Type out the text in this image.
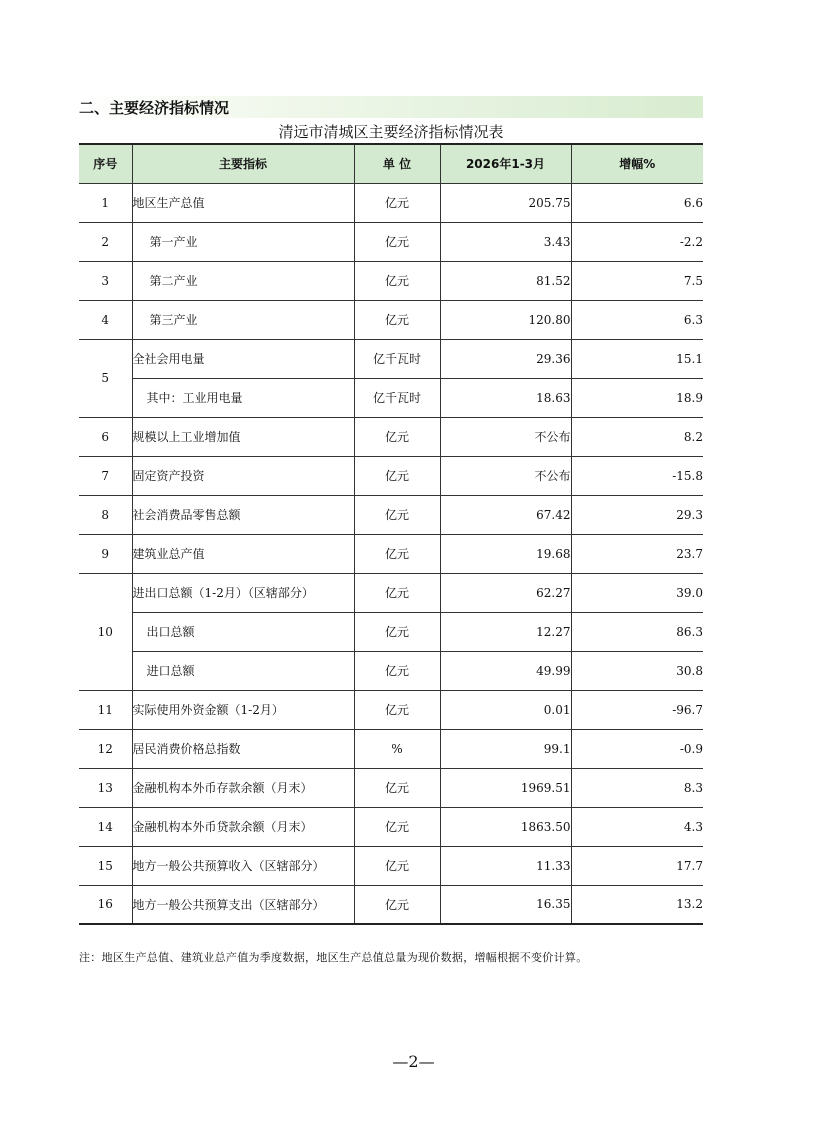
二、主要经济指标情况
清远市清城区主要经济指标情况表
序号	主要指标	单 位	2026年1-3月	增幅%
1	地区生产总值	亿元	205.75	6.6
2	第一产业	亿元	3.43	-2.2
3	第二产业	亿元	81.52	7.5
4	第三产业	亿元	120.80	6.3
5	全社会用电量	亿千瓦时	29.36	15.1
	其中：工业用电量	亿千瓦时	18.63	18.9
6	规模以上工业增加值	亿元	不公布	8.2
7	固定资产投资	亿元	不公布	-15.8
8	社会消费品零售总额	亿元	67.42	29.3
9	建筑业总产值	亿元	19.68	23.7
10	进出口总额（1-2月）（区辖部分）	亿元	62.27	39.0
	出口总额	亿元	12.27	86.3
	进口总额	亿元	49.99	30.8
11	实际使用外资金额（1-2月）	亿元	0.01	-96.7
12	居民消费价格总指数	%	99.1	-0.9
13	金融机构本外币存款余额（月末）	亿元	1969.51	8.3
14	金融机构本外币贷款余额（月末）	亿元	1863.50	4.3
15	地方一般公共预算收入（区辖部分）	亿元	11.33	17.7
16	地方一般公共预算支出（区辖部分）	亿元	16.35	13.2
注：地区生产总值、建筑业总产值为季度数据，地区生产总值总量为现价数据，增幅根据不变价计算。
—2—
